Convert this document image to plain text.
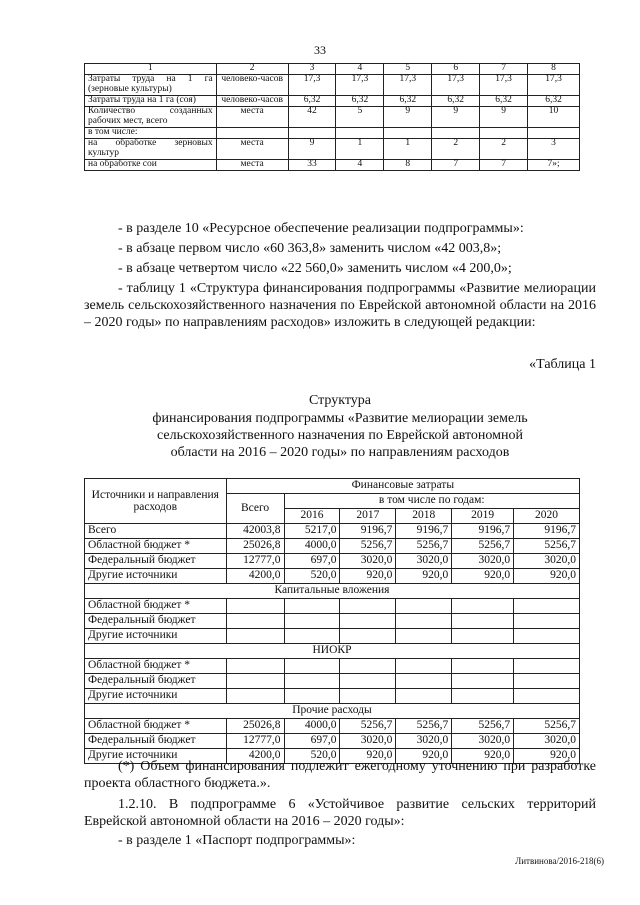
33
1	2	3	4	5	6	7	8
Затраты труда на 1 га (зерновые культуры)	человеко-часов	17,3	17,3	17,3	17,3	17,3	17,3
Затраты труда на 1 га (соя)	человеко-часов	6,32	6,32	6,32	6,32	6,32	6,32
Количество созданных рабочих мест, всего	места	42	5	9	9	9	10
в том числе:							
на обработке зерновых культур	места	9	1	1	2	2	3
на обработке сои	места	33	4	8	7	7	7»;
- в разделе 10 «Ресурсное обеспечение реализации подпрограммы»:
- в абзаце первом число «60 363,8» заменить числом «42 003,8»;
- в абзаце четвертом число «22 560,0» заменить числом «4 200,0»;
- таблицу 1 «Структура финансирования подпрограммы «Развитие мелиорации земель сельскохозяйственного назначения по Еврейской автономной области на 2016 – 2020 годы» по направлениям расходов» изложить в следующей редакции:
«Таблица 1
Структура
финансирования подпрограммы «Развитие мелиорации земель сельскохозяйственного назначения по Еврейской автономной области на 2016 – 2020 годы» по направлениям расходов
Источники и направления расходов	Финансовые затраты					
	Всего	в том числе по годам:				
		2016	2017	2018	2019	2020
Всего	42003,8	5217,0	9196,7	9196,7	9196,7	9196,7
Областной бюджет *	25026,8	4000,0	5256,7	5256,7	5256,7	5256,7
Федеральный бюджет	12777,0	697,0	3020,0	3020,0	3020,0	3020,0
Другие источники	4200,0	520,0	920,0	920,0	920,0	920,0
Капитальные вложения						
Областной бюджет *						
Федеральный бюджет						
Другие источники						
НИОКР						
Областной бюджет *						
Федеральный бюджет						
Другие источники						
Прочие расходы						
Областной бюджет *	25026,8	4000,0	5256,7	5256,7	5256,7	5256,7
Федеральный бюджет	12777,0	697,0	3020,0	3020,0	3020,0	3020,0
Другие источники	4200,0	520,0	920,0	920,0	920,0	920,0
(*) Объем финансирования подлежит ежегодному уточнению при разработке проекта областного бюджета.».
1.2.10. В подпрограмме 6 «Устойчивое развитие сельских территорий Еврейской автономной области на 2016 – 2020 годы»:
- в разделе 1 «Паспорт подпрограммы»:
Литвинова/2016-218(6)
